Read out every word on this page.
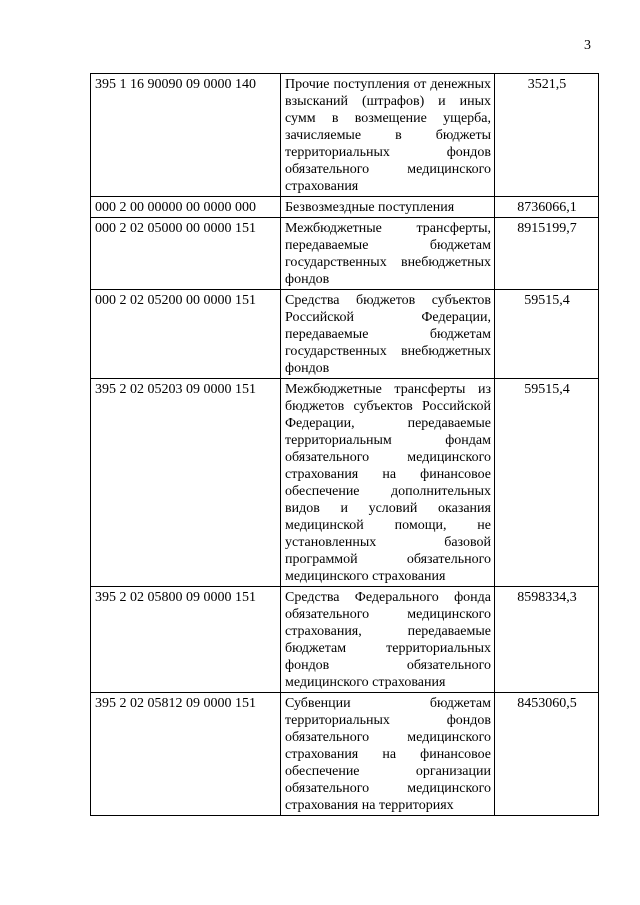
3
395 1 16 90090 09 0000 140	Прочие поступления от денежных взысканий (штрафов) и иных сумм в возмещение ущерба, зачисляемые в бюджеты территориальных фондов обязательного медицинского страхования	3521,5
000 2 00 00000 00 0000 000	Безвозмездные поступления	8736066,1
000 2 02 05000 00 0000 151	Межбюджетные трансферты, передаваемые бюджетам государственных внебюджетных фондов	8915199,7
000 2 02 05200 00 0000 151	Средства бюджетов субъектов Российской Федерации, передаваемые бюджетам государственных внебюджетных фондов	59515,4
395 2 02 05203 09 0000 151	Межбюджетные трансферты из бюджетов субъектов Российской Федерации, передаваемые территориальным фондам обязательного медицинского страхования на финансовое обеспечение дополнительных видов и условий оказания медицинской помощи, не установленных базовой программой обязательного медицинского страхования	59515,4
395 2 02 05800 09 0000 151	Средства Федерального фонда обязательного медицинского страхования, передаваемые бюджетам территориальных фондов обязательного медицинского страхования	8598334,3
395 2 02 05812 09 0000 151	Субвенции бюджетам территориальных фондов обязательного медицинского страхования на финансовое обеспечение организации обязательного медицинского страхования на территориях	8453060,5
